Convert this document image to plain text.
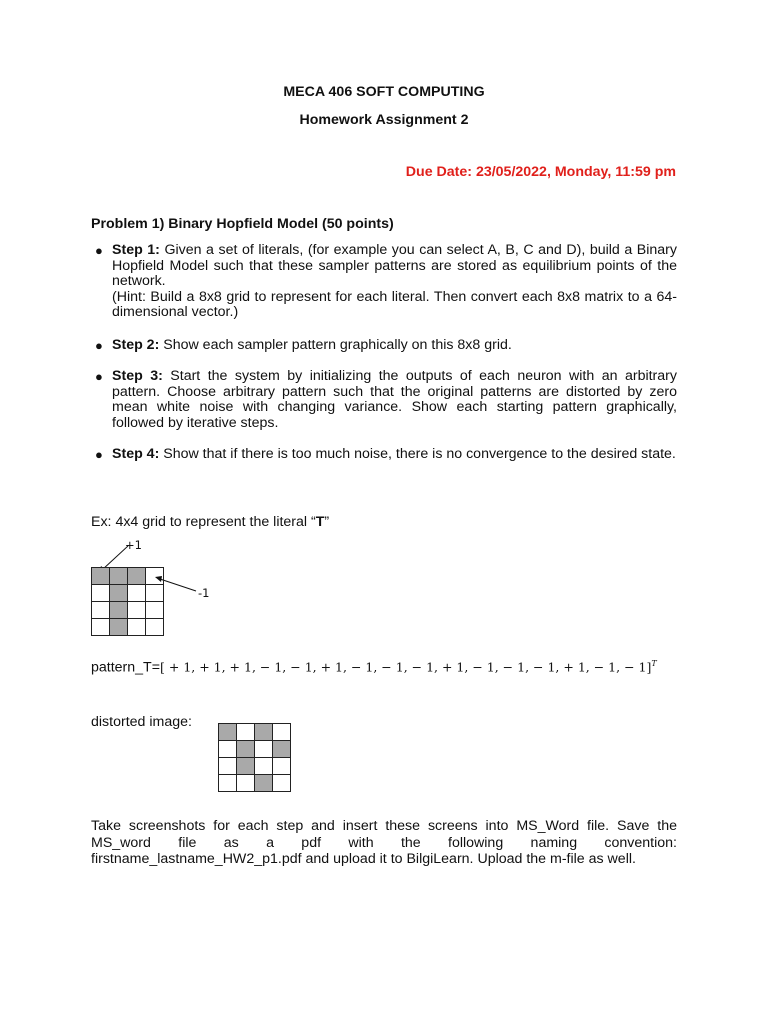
MECA 406 SOFT COMPUTING
Homework Assignment 2
Due Date: 23/05/2022, Monday, 11:59 pm
Problem 1) Binary Hopfield Model (50 points)
● Step 1: Given a set of literals, (for example you can select A, B, C and D), build a Binary Hopfield Model such that these sampler patterns are stored as equilibrium points of the network.
(Hint: Build a 8x8 grid to represent for each literal. Then convert each 8x8 matrix to a 64-dimensional vector.)
● Step 2: Show each sampler pattern graphically on this 8x8 grid.
● Step 3: Start the system by initializing the outputs of each neuron with an arbitrary pattern. Choose arbitrary pattern such that the original patterns are distorted by zero mean white noise with changing variance. Show each starting pattern graphically, followed by iterative steps.
● Step 4: Show that if there is too much noise, there is no convergence to the desired state.
Ex: 4x4 grid to represent the literal “T”
+1
-1

pattern_T=[ + 1, + 1, + 1, − 1, − 1, + 1, − 1, − 1, − 1, + 1, − 1, − 1, − 1, + 1, − 1, − 1]$^T$
distorted image:

Take screenshots for each step and insert these screens into MS_Word file. Save the MS_word file as a pdf with the following naming convention: firstname_lastname_HW2_p1.pdf and upload it to BilgiLearn. Upload the m-file as well.
